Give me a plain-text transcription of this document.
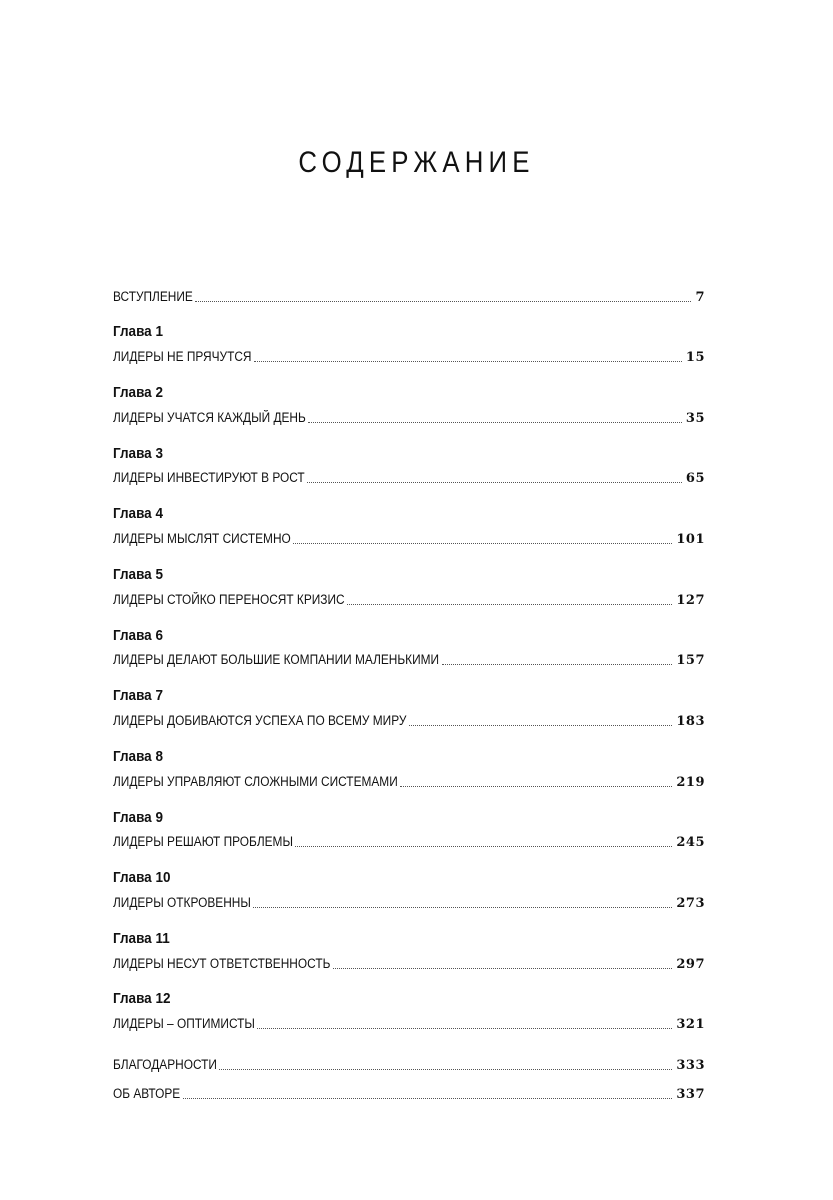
СОДЕРЖАНИЕ
ВСТУПЛЕНИЕ	7
Глава 1
ЛИДЕРЫ НЕ ПРЯЧУТСЯ	15
Глава 2
ЛИДЕРЫ УЧАТСЯ КАЖДЫЙ ДЕНЬ	35
Глава 3
ЛИДЕРЫ ИНВЕСТИРУЮТ В РОСТ	65
Глава 4
ЛИДЕРЫ МЫСЛЯТ СИСТЕМНО	101
Глава 5
ЛИДЕРЫ СТОЙКО ПЕРЕНОСЯТ КРИЗИС	127
Глава 6
ЛИДЕРЫ ДЕЛАЮТ БОЛЬШИЕ КОМПАНИИ МАЛЕНЬКИМИ	157
Глава 7
ЛИДЕРЫ ДОБИВАЮТСЯ УСПЕХА ПО ВСЕМУ МИРУ	183
Глава 8
ЛИДЕРЫ УПРАВЛЯЮТ СЛОЖНЫМИ СИСТЕМАМИ	219
Глава 9
ЛИДЕРЫ РЕШАЮТ ПРОБЛЕМЫ	245
Глава 10
ЛИДЕРЫ ОТКРОВЕННЫ	273
Глава 11
ЛИДЕРЫ НЕСУТ ОТВЕТСТВЕННОСТЬ	297
Глава 12
ЛИДЕРЫ – ОПТИМИСТЫ	321
БЛАГОДАРНОСТИ	333
ОБ АВТОРЕ	337
